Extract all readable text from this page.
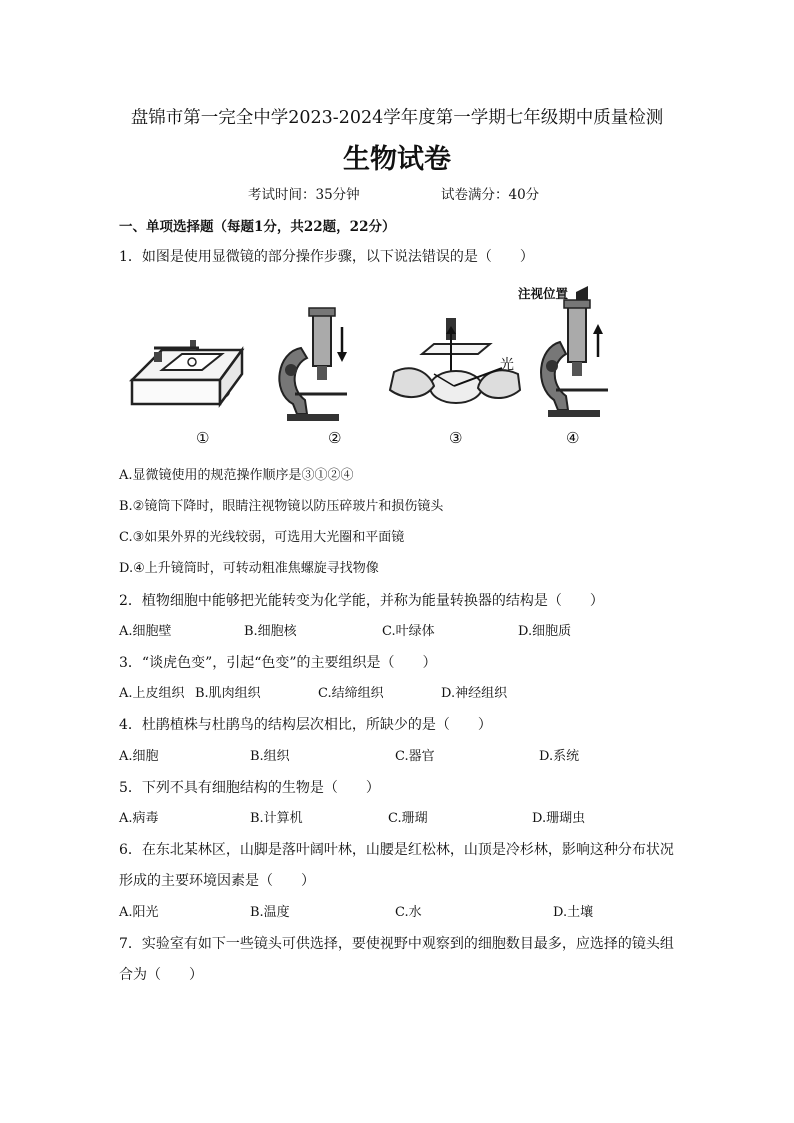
盘锦市第一完全中学2023-2024学年度第一学期七年级期中质量检测
生物试卷
考试时间：35分钟	试卷满分：40分
一、单项选择题（每题1分，共22题，22分）
1．如图是使用显微镜的部分操作步骤，以下说法错误的是（　　）
光
注视位置
①	②	③	④
A.显微镜使用的规范操作顺序是③①②④
B.②镜筒下降时，眼睛注视物镜以防压碎玻片和损伤镜头
C.③如果外界的光线较弱，可选用大光圈和平面镜
D.④上升镜筒时，可转动粗准焦螺旋寻找物像
2．植物细胞中能够把光能转变为化学能，并称为能量转换器的结构是（　　）
A.细胞壁	B.细胞核	C.叶绿体	D.细胞质
3．“谈虎色变”，引起“色变”的主要组织是（　　）
A.上皮组织 B.肌肉组织	C.结缔组织	D.神经组织
4．杜鹃植株与杜鹃鸟的结构层次相比，所缺少的是（　　）
A.细胞	B.组织	C.器官	D.系统
5．下列不具有细胞结构的生物是（　　）
A.病毒	B.计算机	C.珊瑚	D.珊瑚虫
6．在东北某林区，山脚是落叶阔叶林，山腰是红松林，山顶是冷杉林，影响这种分布状况
形成的主要环境因素是（　　）
A.阳光	B.温度	C.水	D.土壤
7．实验室有如下一些镜头可供选择，要使视野中观察到的细胞数目最多，应选择的镜头组
合为（　　）
